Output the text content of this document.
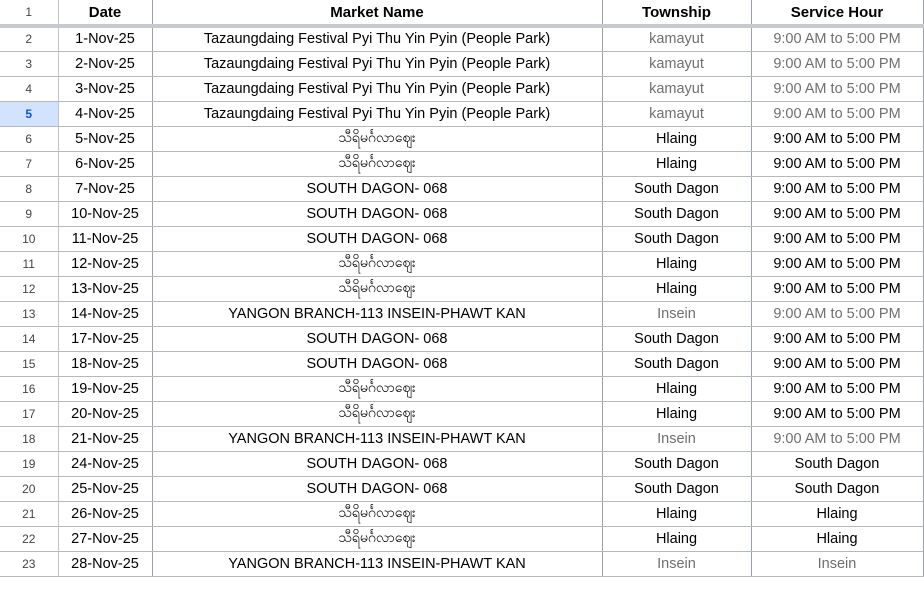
1	Date	Market Name	Township	Service Hour
2	1-Nov-25	Tazaungdaing Festival Pyi Thu Yin Pyin (People Park)	kamayut	9:00 AM to 5:00 PM
3	2-Nov-25	Tazaungdaing Festival Pyi Thu Yin Pyin (People Park)	kamayut	9:00 AM to 5:00 PM
4	3-Nov-25	Tazaungdaing Festival Pyi Thu Yin Pyin (People Park)	kamayut	9:00 AM to 5:00 PM
5	4-Nov-25	Tazaungdaing Festival Pyi Thu Yin Pyin (People Park)	kamayut	9:00 AM to 5:00 PM
6	5-Nov-25	သီရိမင်္ဂလာဈေး	Hlaing	9:00 AM to 5:00 PM
7	6-Nov-25	သီရိမင်္ဂလာဈေး	Hlaing	9:00 AM to 5:00 PM
8	7-Nov-25	SOUTH DAGON- 068	South Dagon	9:00 AM to 5:00 PM
9	10-Nov-25	SOUTH DAGON- 068	South Dagon	9:00 AM to 5:00 PM
10	11-Nov-25	SOUTH DAGON- 068	South Dagon	9:00 AM to 5:00 PM
11	12-Nov-25	သီရိမင်္ဂလာဈေး	Hlaing	9:00 AM to 5:00 PM
12	13-Nov-25	သီရိမင်္ဂလာဈေး	Hlaing	9:00 AM to 5:00 PM
13	14-Nov-25	YANGON BRANCH-113 INSEIN-PHAWT KAN	Insein	9:00 AM to 5:00 PM
14	17-Nov-25	SOUTH DAGON- 068	South Dagon	9:00 AM to 5:00 PM
15	18-Nov-25	SOUTH DAGON- 068	South Dagon	9:00 AM to 5:00 PM
16	19-Nov-25	သီရိမင်္ဂလာဈေး	Hlaing	9:00 AM to 5:00 PM
17	20-Nov-25	သီရိမင်္ဂလာဈေး	Hlaing	9:00 AM to 5:00 PM
18	21-Nov-25	YANGON BRANCH-113 INSEIN-PHAWT KAN	Insein	9:00 AM to 5:00 PM
19	24-Nov-25	SOUTH DAGON- 068	South Dagon	South Dagon
20	25-Nov-25	SOUTH DAGON- 068	South Dagon	South Dagon
21	26-Nov-25	သီရိမင်္ဂလာဈေး	Hlaing	Hlaing
22	27-Nov-25	သီရိမင်္ဂလာဈေး	Hlaing	Hlaing
23	28-Nov-25	YANGON BRANCH-113 INSEIN-PHAWT KAN	Insein	Insein
